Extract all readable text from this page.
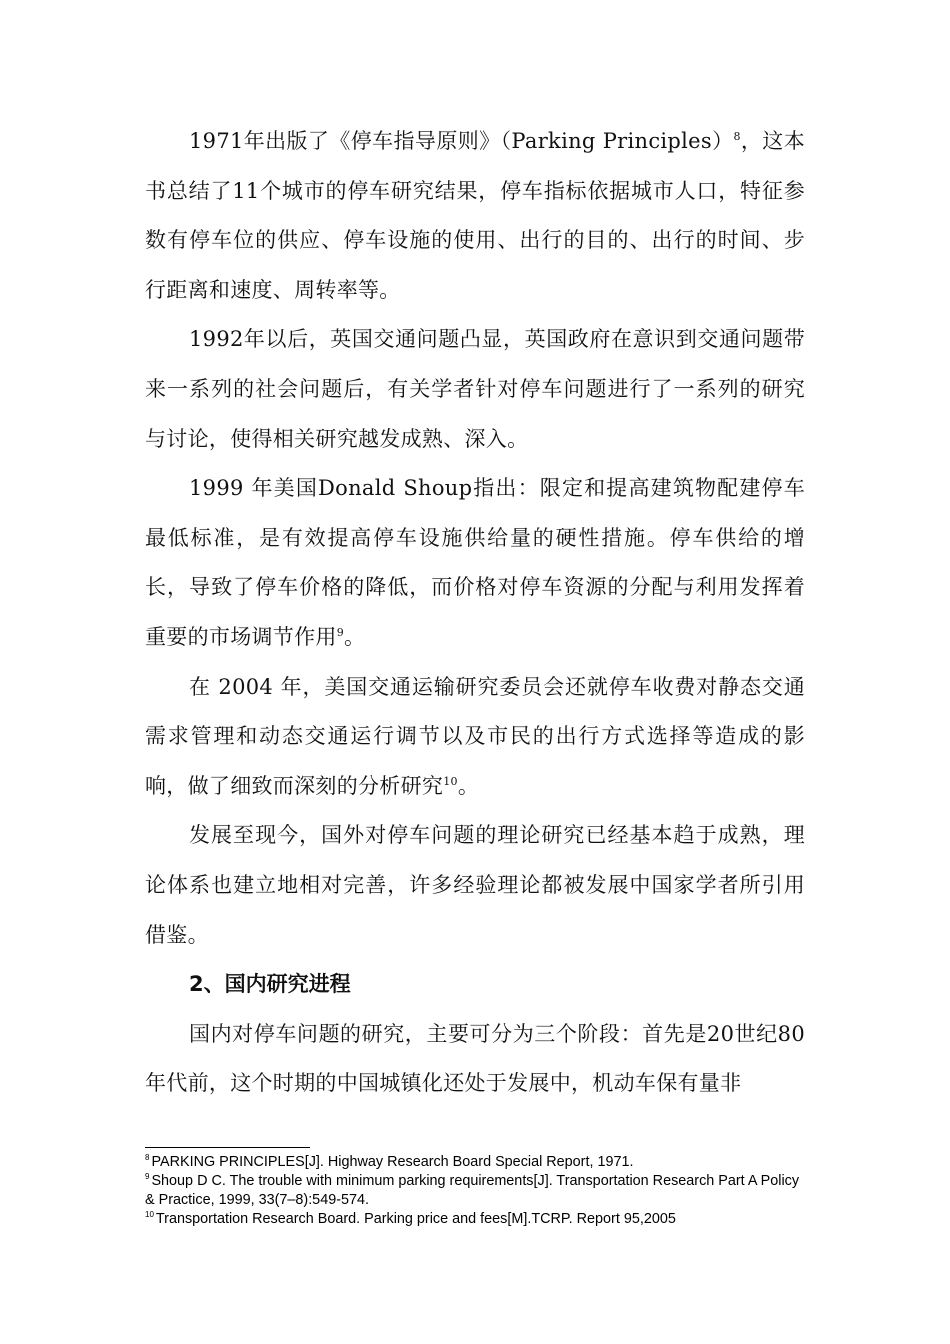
1971年出版了《停车指导原则》（Parking Principles）$^8$，这本书总结了11个城市的停车研究结果，停车指标依据城市人口，特征参数有停车位的供应、停车设施的使用、出行的目的、出行的时间、步行距离和速度、周转率等。

1992年以后，英国交通问题凸显，英国政府在意识到交通问题带来一系列的社会问题后，有关学者针对停车问题进行了一系列的研究与讨论，使得相关研究越发成熟、深入。

1999 年美国Donald Shoup指出：限定和提高建筑物配建停车最低标准，是有效提高停车设施供给量的硬性措施。停车供给的增长，导致了停车价格的降低，而价格对停车资源的分配与利用发挥着重要的市场调节作用$^9$。

在 2004 年，美国交通运输研究委员会还就停车收费对静态交通需求管理和动态交通运行调节以及市民的出行方式选择等造成的影响，做了细致而深刻的分析研究$^{10}$。

发展至现今，国外对停车问题的理论研究已经基本趋于成熟，理论体系也建立地相对完善，许多经验理论都被发展中国家学者所引用借鉴。

2、国内研究进程

国内对停车问题的研究，主要可分为三个阶段：首先是20世纪80年代前，这个时期的中国城镇化还处于发展中，机动车保有量非

$^8$ PARKING PRINCIPLES[J]. Highway Research Board Special Report, 1971.

$^9$ Shoup D C. The trouble with minimum parking requirements[J]. Transportation Research Part A Policy & Practice, 1999, 33(7–8):549-574.

$^{10}$ Transportation Research Board. Parking price and fees[M].TCRP. Report 95,2005
